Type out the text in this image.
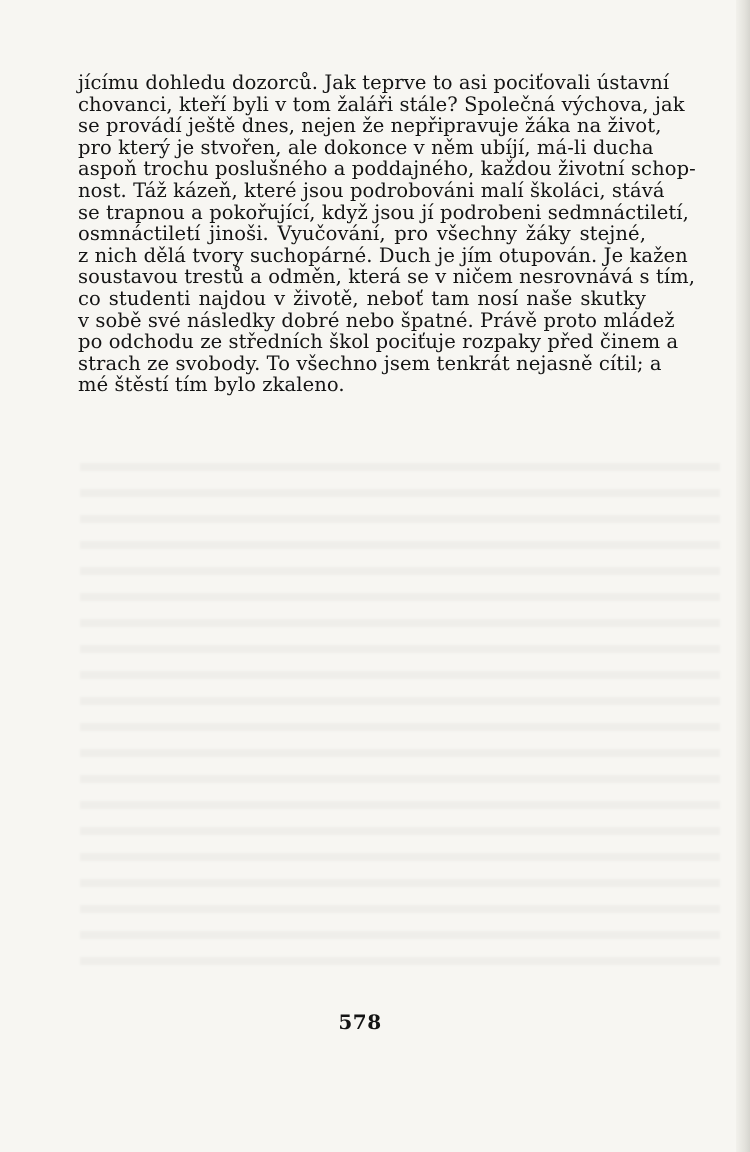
jícímu dohledu dozorců. Jak teprve to asi pociťovali ústavní
chovanci, kteří byli v tom žaláři stále? Společná výchova, jak
se provádí ještě dnes, nejen že nepřipravuje žáka na život,
pro který je stvořen, ale dokonce v něm ubíjí, má-li ducha
aspoň trochu poslušného a poddajného, každou životní schop-
nost. Táž kázeň, které jsou podrobováni malí školáci, stává
se trapnou a pokořující, když jsou jí podrobeni sedmnáctiletí,
osmnáctiletí jinoši. Vyučování, pro všechny žáky stejné,
z nich dělá tvory suchopárné. Duch je jím otupován. Je kažen
soustavou trestů a odměn, která se v ničem nesrovnává s tím,
co studenti najdou v životě, neboť tam nosí naše skutky
v sobě své následky dobré nebo špatné. Právě proto mládež
po odchodu ze středních škol pociťuje rozpaky před činem a
strach ze svobody. To všechno jsem tenkrát nejasně cítil; a
mé štěstí tím bylo zkaleno.
578
